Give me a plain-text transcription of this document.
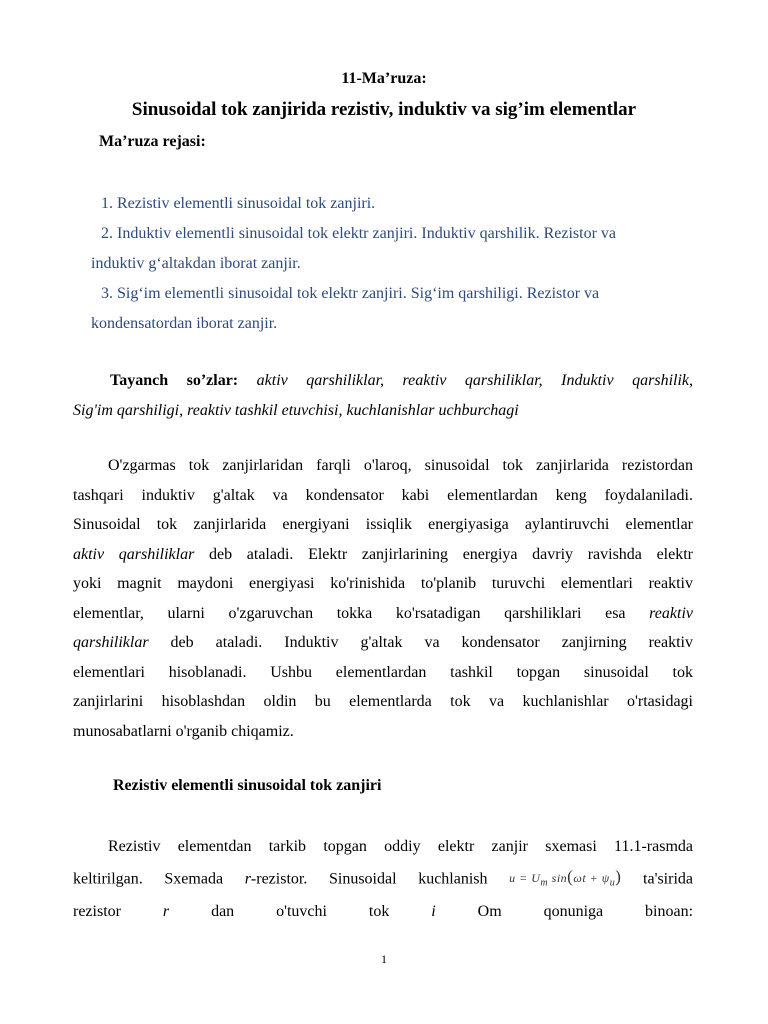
11-Ma’ruza:
Sinusoidal tok zanjirida rezistiv, induktiv va sig’im elementlar
Ma’ruza rejasi:
1. Rezistiv elementli sinusoidal tok zanjiri.
2. Induktiv elementli sinusoidal tok elektr zanjiri. Induktiv qarshilik. Rezistor va
induktiv g‘altakdan iborat zanjir.
3. Sig‘im elementli sinusoidal tok elektr zanjiri. Sig‘im qarshiligi. Rezistor va
kondensatordan iborat zanjir.
Tayanch so’zlar: aktiv qarshiliklar, reaktiv qarshiliklar, Induktiv qarshilik,
Sig'im qarshiligi, reaktiv tashkil etuvchisi, kuchlanishlar uchburchagi
O'zgarmas tok zanjirlaridan farqli o'laroq, sinusoidal tok zanjirlarida rezistordan
tashqari induktiv g'altak va kondensator kabi elementlardan keng foydalaniladi.
Sinusoidal tok zanjirlarida energiyani issiqlik energiyasiga aylantiruvchi elementlar
aktiv qarshiliklar deb ataladi. Elektr zanjirlarining energiya davriy ravishda elektr
yoki magnit maydoni energiyasi ko'rinishida to'planib turuvchi elementlari reaktiv
elementlar, ularni o'zgaruvchan tokka ko'rsatadigan qarshiliklari esa reaktiv
qarshiliklar deb ataladi. Induktiv g'altak va kondensator zanjirning reaktiv
elementlari hisoblanadi. Ushbu elementlardan tashkil topgan sinusoidal tok
zanjirlarini hisoblashdan oldin bu elementlarda tok va kuchlanishlar o'rtasidagi
munosabatlarni o'rganib chiqamiz.
Rezistiv elementli sinusoidal tok zanjiri
Rezistiv elementdan tarkib topgan oddiy elektr zanjir sxemasi 11.1-rasmda
keltirilgan. Sxemada r-rezistor. Sinusoidal kuchlanish $u = U_m$ $\sin(\omega t + \psi_u)$ ta'sirida
rezistor	r	dan	o'tuvchi	tok	i	Om	qonuniga	binoan:
1
